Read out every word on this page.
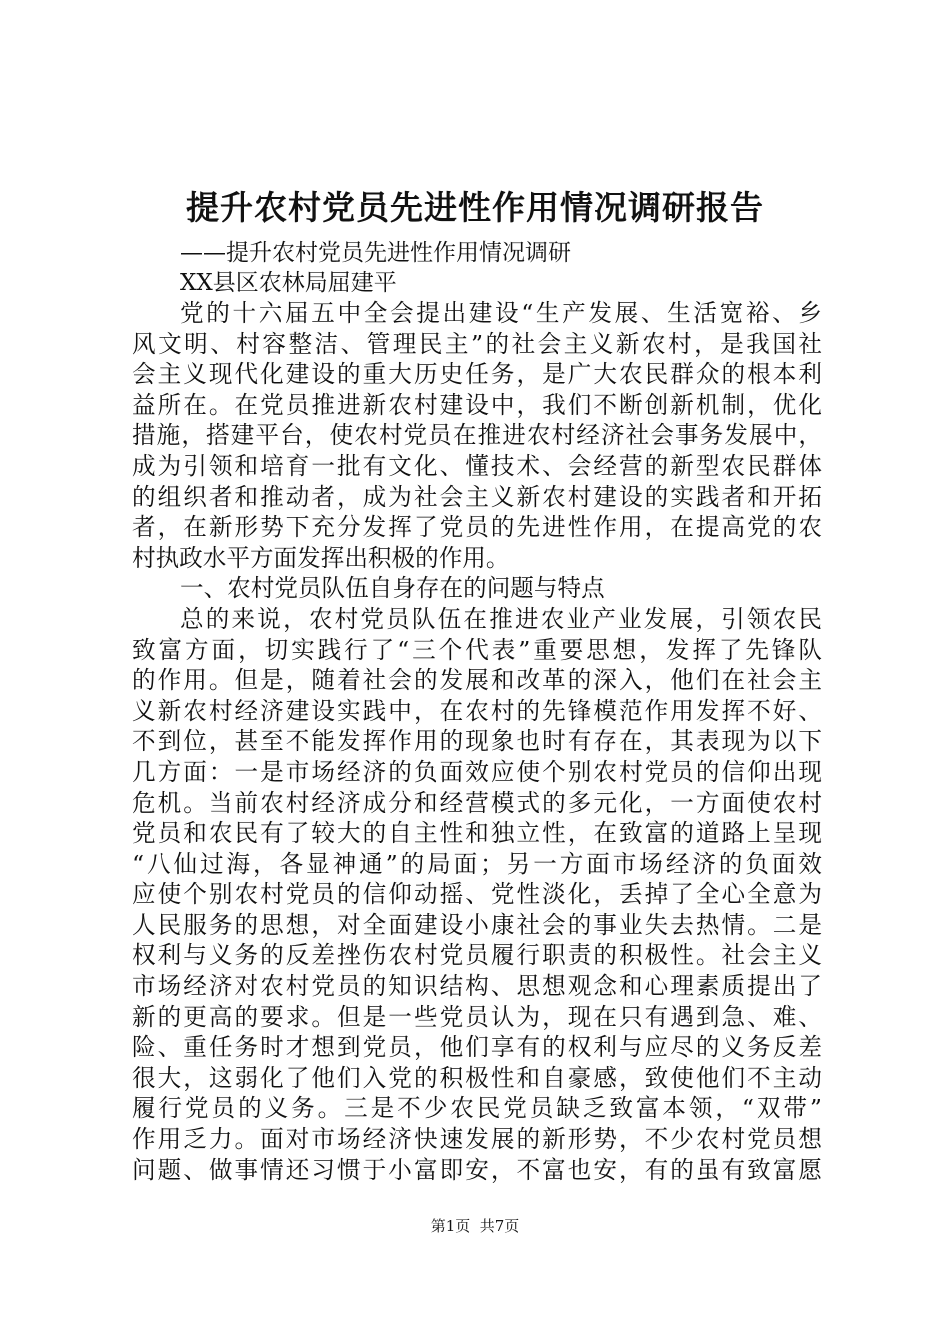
提升农村党员先进性作用情况调研报告
——提升农村党员先进性作用情况调研
XX县区农林局屈建平
党的十六届五中全会提出建设“生产发展、生活宽裕、乡
风文明、村容整洁、管理民主”的社会主义新农村，是我国社
会主义现代化建设的重大历史任务，是广大农民群众的根本利
益所在。在党员推进新农村建设中，我们不断创新机制，优化
措施，搭建平台，使农村党员在推进农村经济社会事务发展中，
成为引领和培育一批有文化、懂技术、会经营的新型农民群体
的组织者和推动者，成为社会主义新农村建设的实践者和开拓
者，在新形势下充分发挥了党员的先进性作用，在提高党的农
村执政水平方面发挥出积极的作用。
一、农村党员队伍自身存在的问题与特点
总的来说，农村党员队伍在推进农业产业发展，引领农民
致富方面，切实践行了“三个代表”重要思想，发挥了先锋队
的作用。但是，随着社会的发展和改革的深入，他们在社会主
义新农村经济建设实践中，在农村的先锋模范作用发挥不好、
不到位，甚至不能发挥作用的现象也时有存在，其表现为以下
几方面：一是市场经济的负面效应使个别农村党员的信仰出现
危机。当前农村经济成分和经营模式的多元化，一方面使农村
党员和农民有了较大的自主性和独立性，在致富的道路上呈现
“八仙过海，各显神通”的局面；另一方面市场经济的负面效
应使个别农村党员的信仰动摇、党性淡化，丢掉了全心全意为
人民服务的思想，对全面建设小康社会的事业失去热情。二是
权利与义务的反差挫伤农村党员履行职责的积极性。社会主义
市场经济对农村党员的知识结构、思想观念和心理素质提出了
新的更高的要求。但是一些党员认为，现在只有遇到急、难、
险、重任务时才想到党员，他们享有的权利与应尽的义务反差
很大，这弱化了他们入党的积极性和自豪感，致使他们不主动
履行党员的义务。三是不少农民党员缺乏致富本领，“双带”
作用乏力。面对市场经济快速发展的新形势，不少农村党员想
问题、做事情还习惯于小富即安，不富也安，有的虽有致富愿
第1页  共7页
